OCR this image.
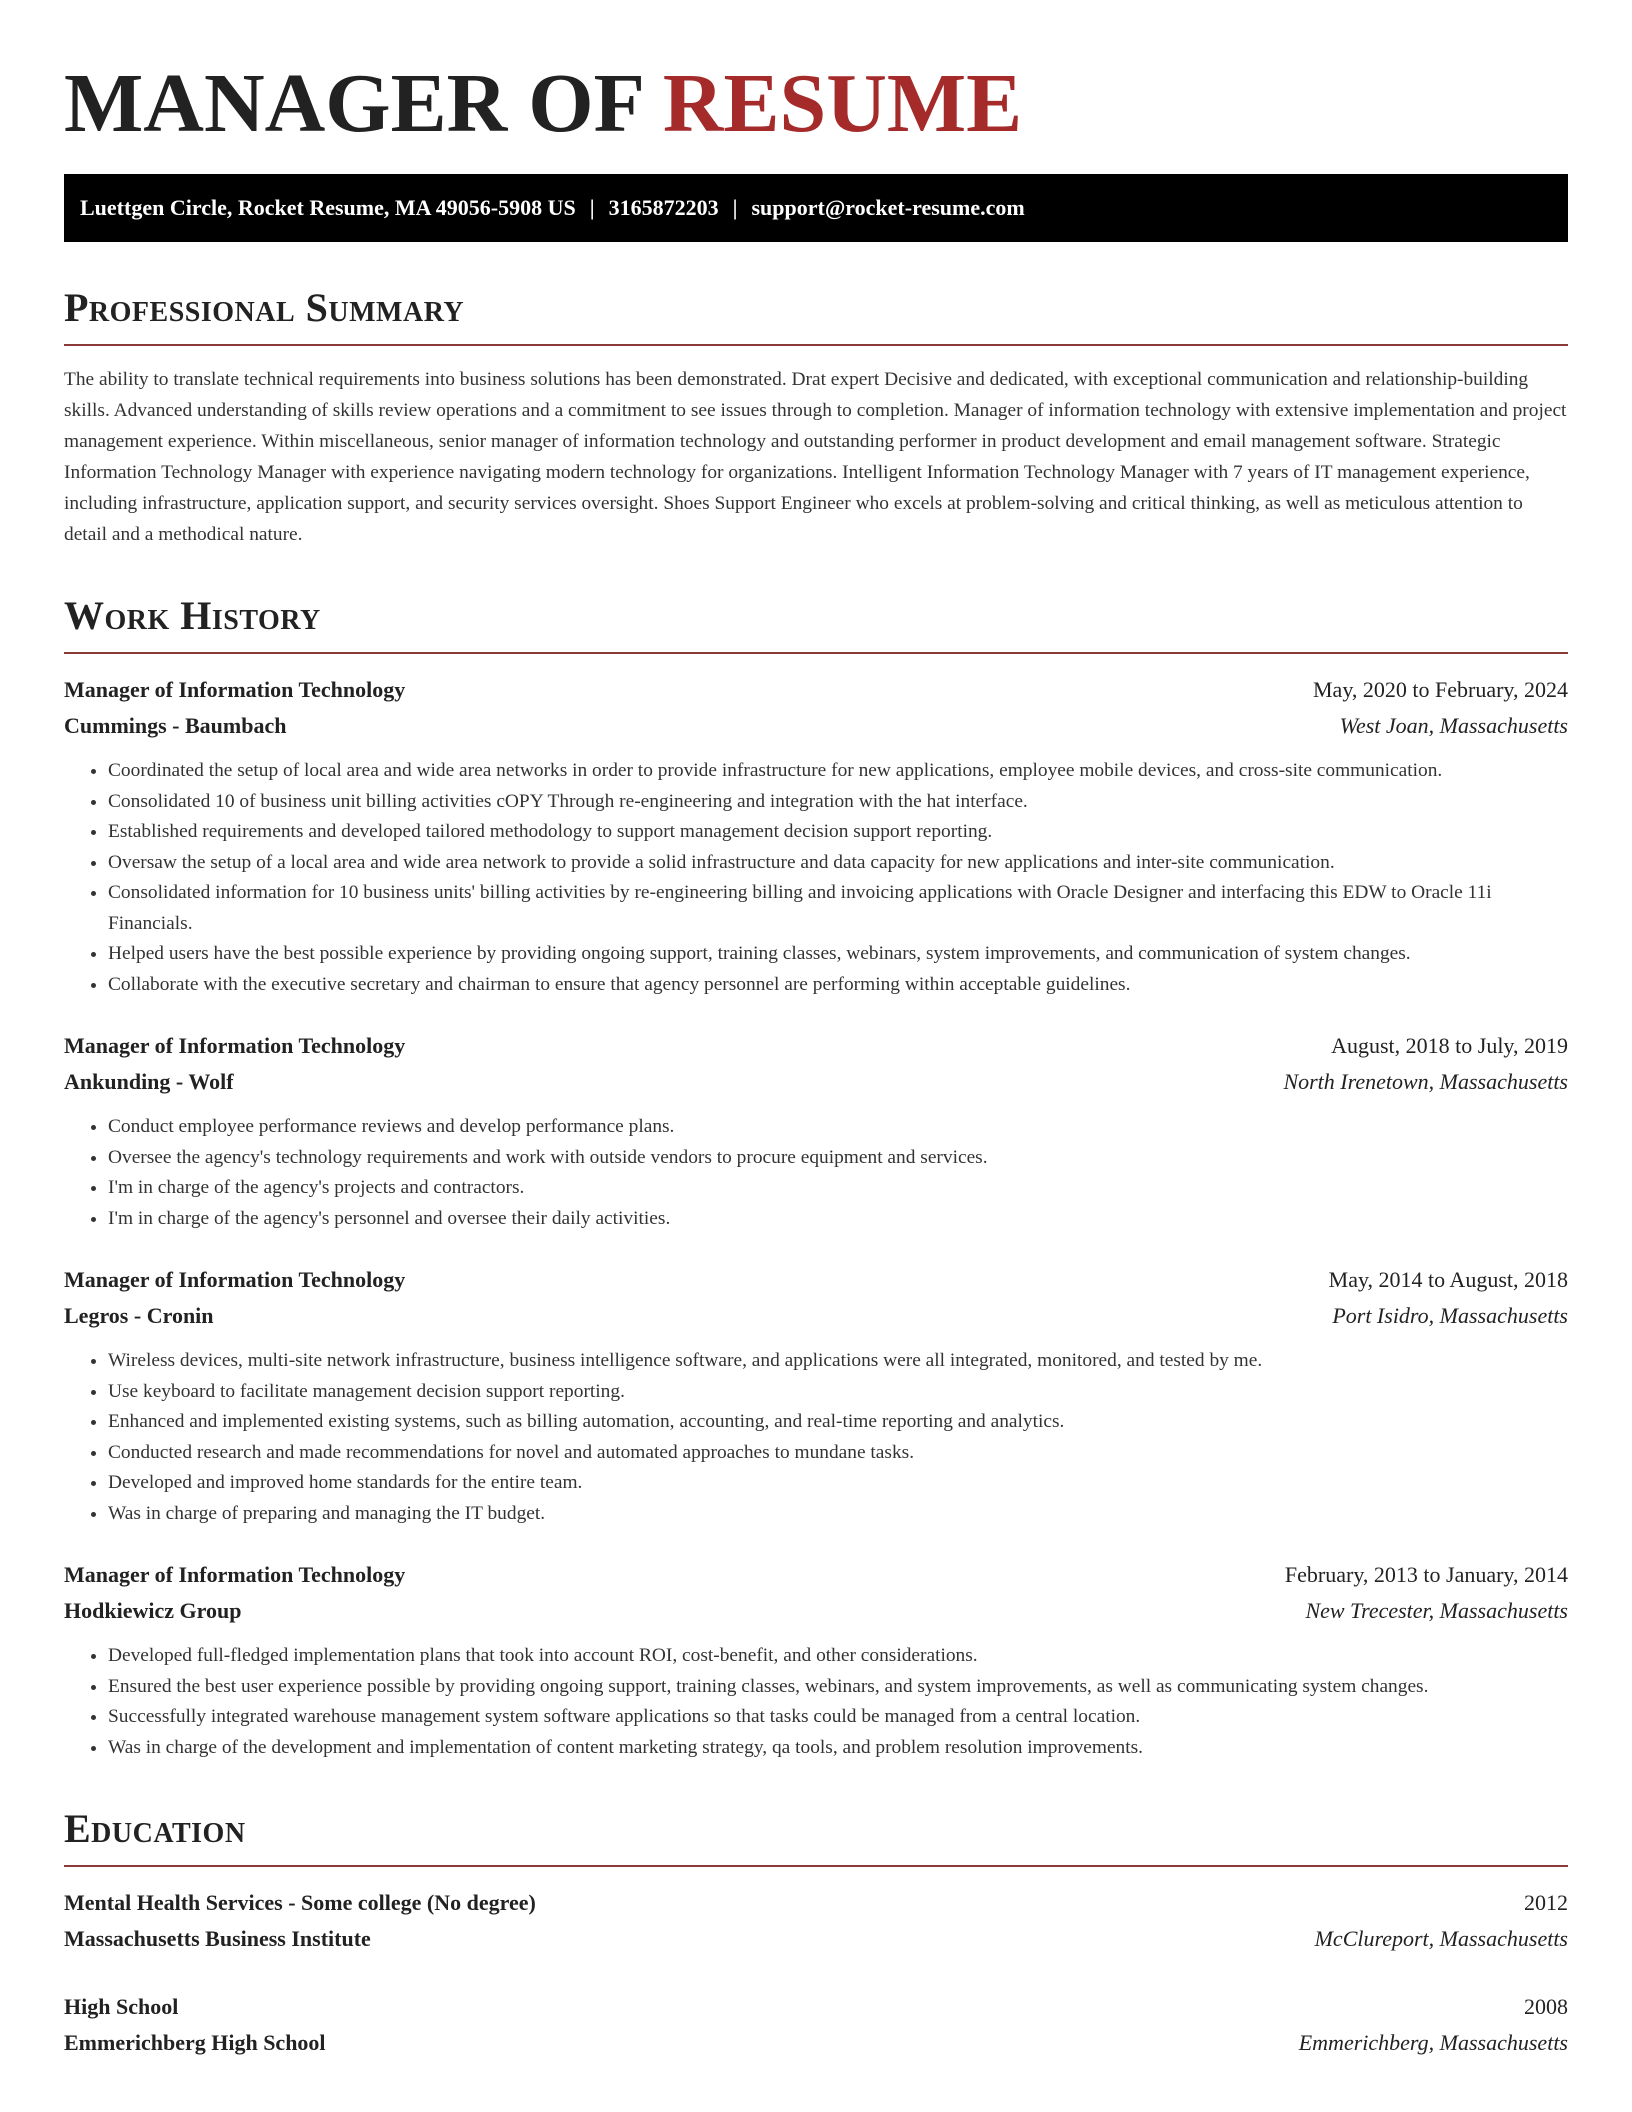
MANAGER OF RESUME
Luettgen Circle, Rocket Resume, MA 49056-5908 US | 3165872203 | support@rocket-resume.com
Professional Summary

The ability to translate technical requirements into business solutions has been demonstrated. Drat expert Decisive and dedicated, with exceptional communication and relationship-building skills. Advanced understanding of skills review operations and a commitment to see issues through to completion. Manager of information technology with extensive implementation and project management experience. Within miscellaneous, senior manager of information technology and outstanding performer in product development and email management software. Strategic Information Technology Manager with experience navigating modern technology for organizations. Intelligent Information Technology Manager with 7 years of IT management experience, including infrastructure, application support, and security services oversight. Shoes Support Engineer who excels at problem-solving and critical thinking, as well as meticulous attention to detail and a methodical nature.

Work History
Manager of Information Technology	May, 2020 to February, 2024
Cummings - Baumbach	West Joan, Massachusetts
• Coordinated the setup of local area and wide area networks in order to provide infrastructure for new applications, employee mobile devices, and cross-site communication.
• Consolidated 10 of business unit billing activities cOPY Through re-engineering and integration with the hat interface.
• Established requirements and developed tailored methodology to support management decision support reporting.
• Oversaw the setup of a local area and wide area network to provide a solid infrastructure and data capacity for new applications and inter-site communication.
• Consolidated information for 10 business units' billing activities by re-engineering billing and invoicing applications with Oracle Designer and interfacing this EDW to Oracle 11i Financials.
• Helped users have the best possible experience by providing ongoing support, training classes, webinars, system improvements, and communication of system changes.
• Collaborate with the executive secretary and chairman to ensure that agency personnel are performing within acceptable guidelines.
Manager of Information Technology	August, 2018 to July, 2019
Ankunding - Wolf	North Irenetown, Massachusetts
• Conduct employee performance reviews and develop performance plans.
• Oversee the agency's technology requirements and work with outside vendors to procure equipment and services.
• I'm in charge of the agency's projects and contractors.
• I'm in charge of the agency's personnel and oversee their daily activities.
Manager of Information Technology	May, 2014 to August, 2018
Legros - Cronin	Port Isidro, Massachusetts
• Wireless devices, multi-site network infrastructure, business intelligence software, and applications were all integrated, monitored, and tested by me.
• Use keyboard to facilitate management decision support reporting.
• Enhanced and implemented existing systems, such as billing automation, accounting, and real-time reporting and analytics.
• Conducted research and made recommendations for novel and automated approaches to mundane tasks.
• Developed and improved home standards for the entire team.
• Was in charge of preparing and managing the IT budget.
Manager of Information Technology	February, 2013 to January, 2014
Hodkiewicz Group	New Trecester, Massachusetts
• Developed full-fledged implementation plans that took into account ROI, cost-benefit, and other considerations.
• Ensured the best user experience possible by providing ongoing support, training classes, webinars, and system improvements, as well as communicating system changes.
• Successfully integrated warehouse management system software applications so that tasks could be managed from a central location.
• Was in charge of the development and implementation of content marketing strategy, qa tools, and problem resolution improvements.
Education
Mental Health Services - Some college (No degree)	2012
Massachusetts Business Institute	McClureport, Massachusetts
High School	2008
Emmerichberg High School	Emmerichberg, Massachusetts
